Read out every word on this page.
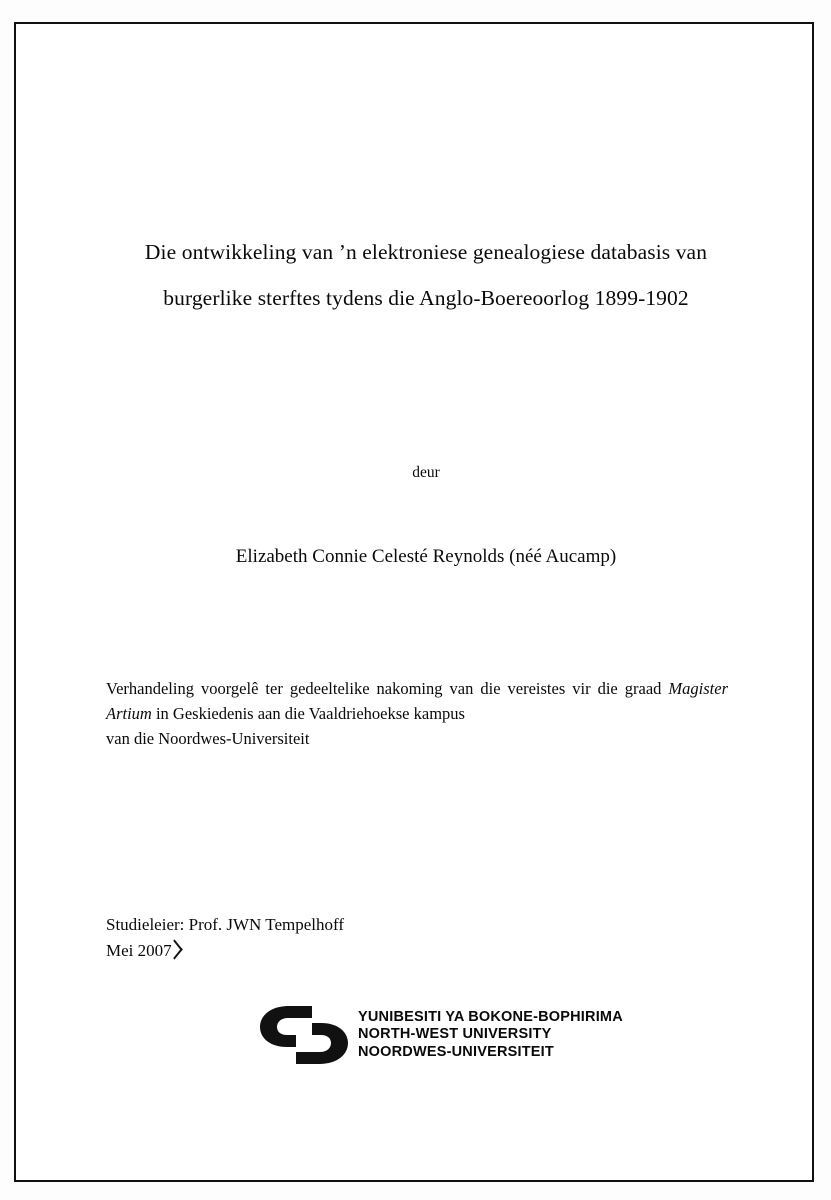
Die ontwikkeling van ’n elektroniese genealogiese databasis van
burgerlike sterftes tydens die Anglo-Boereoorlog 1899-1902
deur
Elizabeth Connie Celesté Reynolds (néé Aucamp)
Verhandeling voorgelê ter gedeeltelike nakoming van die vereistes vir die graad Magister Artium in Geskiedenis aan die Vaaldriehoekse kampus
van die Noordwes-Universiteit
Studieleier: Prof. JWN Tempelhoff
Mei 2007
YUNIBESITI YA BOKONE-BOPHIRIMA
NORTH-WEST UNIVERSITY
NOORDWES-UNIVERSITEIT
